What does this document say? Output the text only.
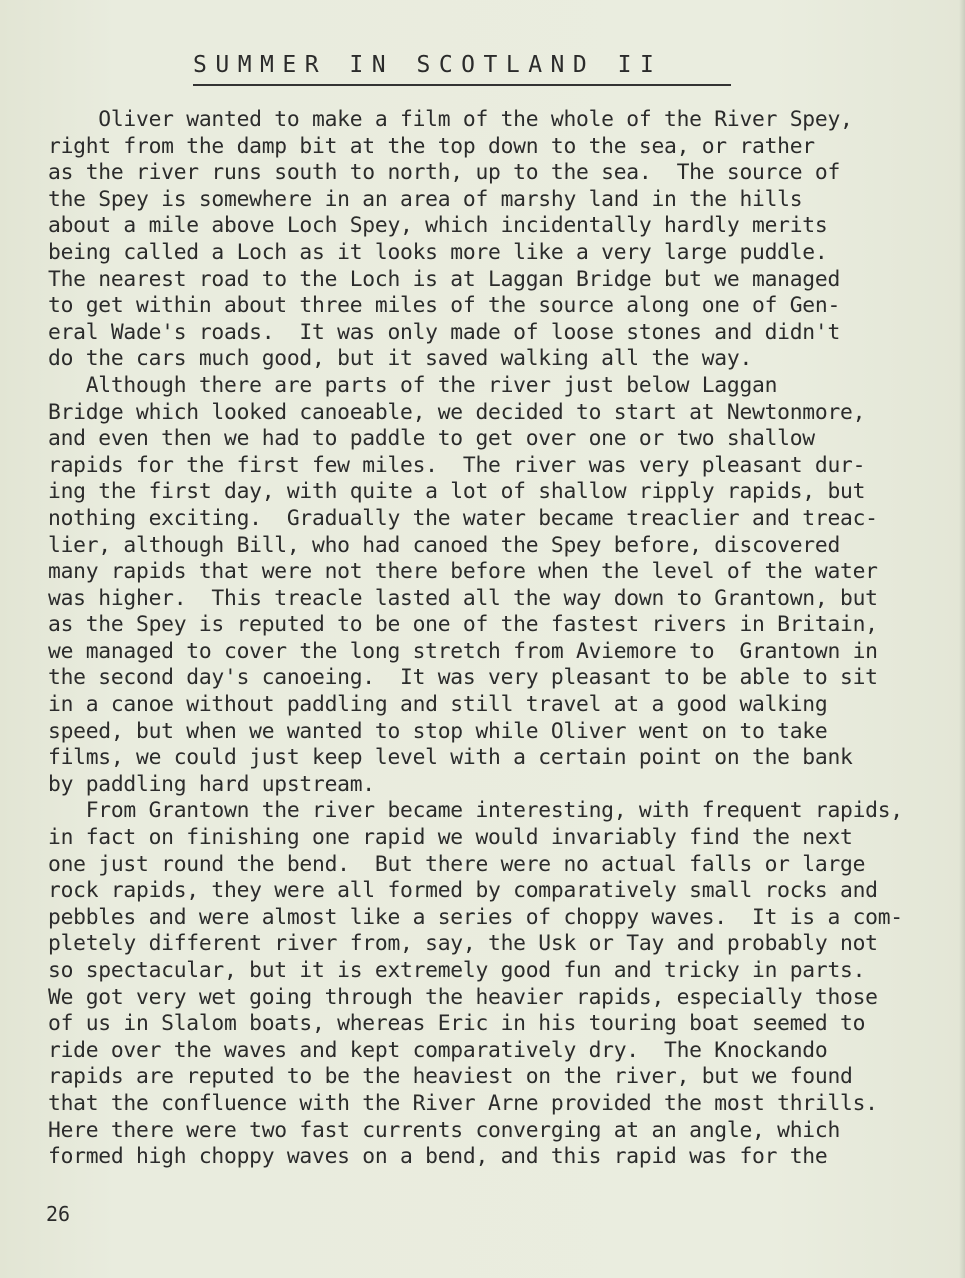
SUMMER IN SCOTLAND II
Oliver wanted to make a film of the whole of the River Spey,
right from the damp bit at the top down to the sea, or rather
as the river runs south to north, up to the sea.  The source of
the Spey is somewhere in an area of marshy land in the hills
about a mile above Loch Spey, which incidentally hardly merits
being called a Loch as it looks more like a very large puddle.
The nearest road to the Loch is at Laggan Bridge but we managed
to get within about three miles of the source along one of Gen-
eral Wade's roads.  It was only made of loose stones and didn't
do the cars much good, but it saved walking all the way.
Although there are parts of the river just below Laggan
Bridge which looked canoeable, we decided to start at Newtonmore,
and even then we had to paddle to get over one or two shallow
rapids for the first few miles.  The river was very pleasant dur-
ing the first day, with quite a lot of shallow ripply rapids, but
nothing exciting.  Gradually the water became treaclier and treac-
lier, although Bill, who had canoed the Spey before, discovered
many rapids that were not there before when the level of the water
was higher.  This treacle lasted all the way down to Grantown, but
as the Spey is reputed to be one of the fastest rivers in Britain,
we managed to cover the long stretch from Aviemore to  Grantown in
the second day's canoeing.  It was very pleasant to be able to sit
in a canoe without paddling and still travel at a good walking
speed, but when we wanted to stop while Oliver went on to take
films, we could just keep level with a certain point on the bank
by paddling hard upstream.
From Grantown the river became interesting, with frequent rapids,
in fact on finishing one rapid we would invariably find the next
one just round the bend.  But there were no actual falls or large
rock rapids, they were all formed by comparatively small rocks and
pebbles and were almost like a series of choppy waves.  It is a com-
pletely different river from, say, the Usk or Tay and probably not
so spectacular, but it is extremely good fun and tricky in parts.
We got very wet going through the heavier rapids, especially those
of us in Slalom boats, whereas Eric in his touring boat seemed to
ride over the waves and kept comparatively dry.  The Knockando
rapids are reputed to be the heaviest on the river, but we found
that the confluence with the River Arne provided the most thrills.
Here there were two fast currents converging at an angle, which
formed high choppy waves on a bend, and this rapid was for the
26
